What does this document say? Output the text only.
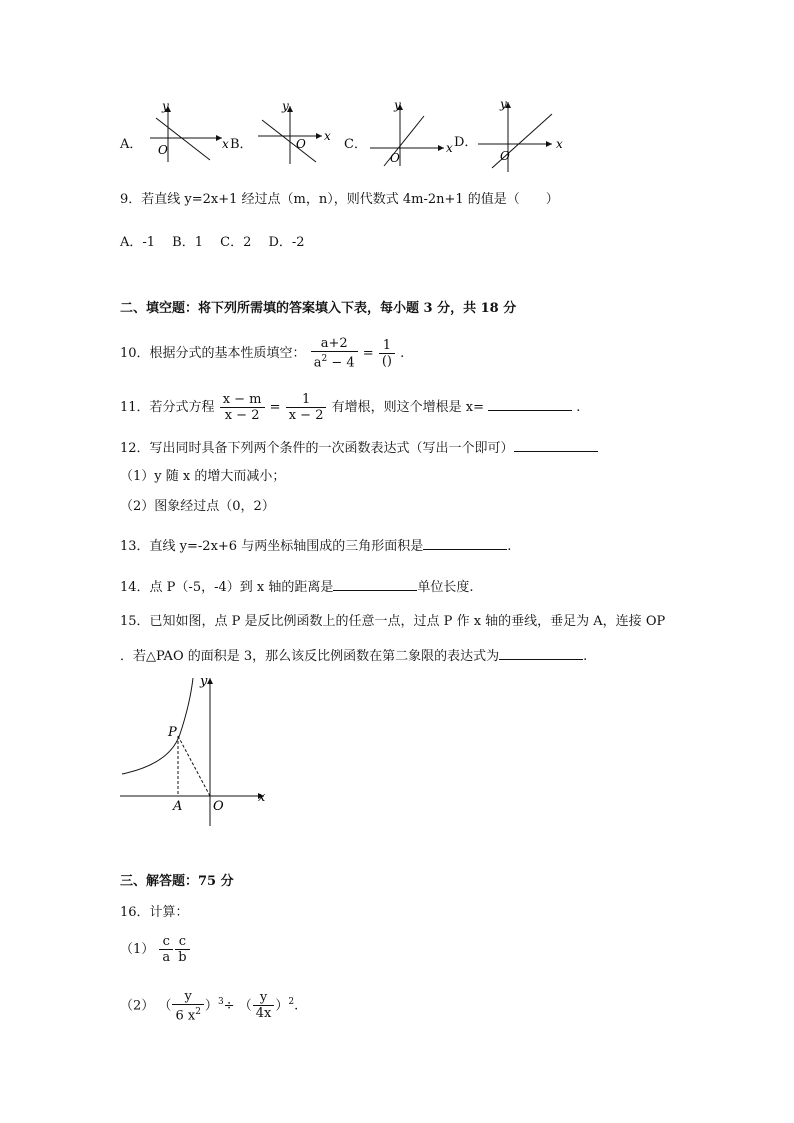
A．
y
x
O	B．
y
x
O	C．
y
x
O
D．
y
x
O
9．若直线 y=2x+1 经过点（m，n），则代数式 4m-2n+1 的值是（　　）
A．-1　 B．1　 C．2　 D．-2
二、填空题：将下列所需填的答案填入下表，每小题 3 分，共 18 分
10．根据分式的基本性质填空： $\frac{a+2}{a^2 - 4} = \frac{1}{()}$ .
11．若分式方程 $\frac{x - m}{x - 2} = \frac{1}{x - 2}$ 有增根，则这个增根是 x=	.
12．写出同时具备下列两个条件的一次函数表达式（写出一个即可）
（1）y 随 x 的增大而减小；
（2）图象经过点（0，2）
13．直线 y=-2x+6 与两坐标轴围成的三角形面积是	.
14．点 P（-5，-4）到 x 轴的距离是	单位长度.
15．已知如图，点 P 是反比例函数上的任意一点，过点 P 作 x 轴的垂线，垂足为 A，连接 OP
．若△PAO 的面积是 3，那么该反比例函数在第二象限的表达式为	.
y
x
P
A O
三、解答题：75 分
16．计算：
$(1) \frac{c}{a} \frac{c}{b}$
（2） （ $\frac{y}{6 x^2} )^3\div$ （ $\frac{y}{4x} )^2$.
